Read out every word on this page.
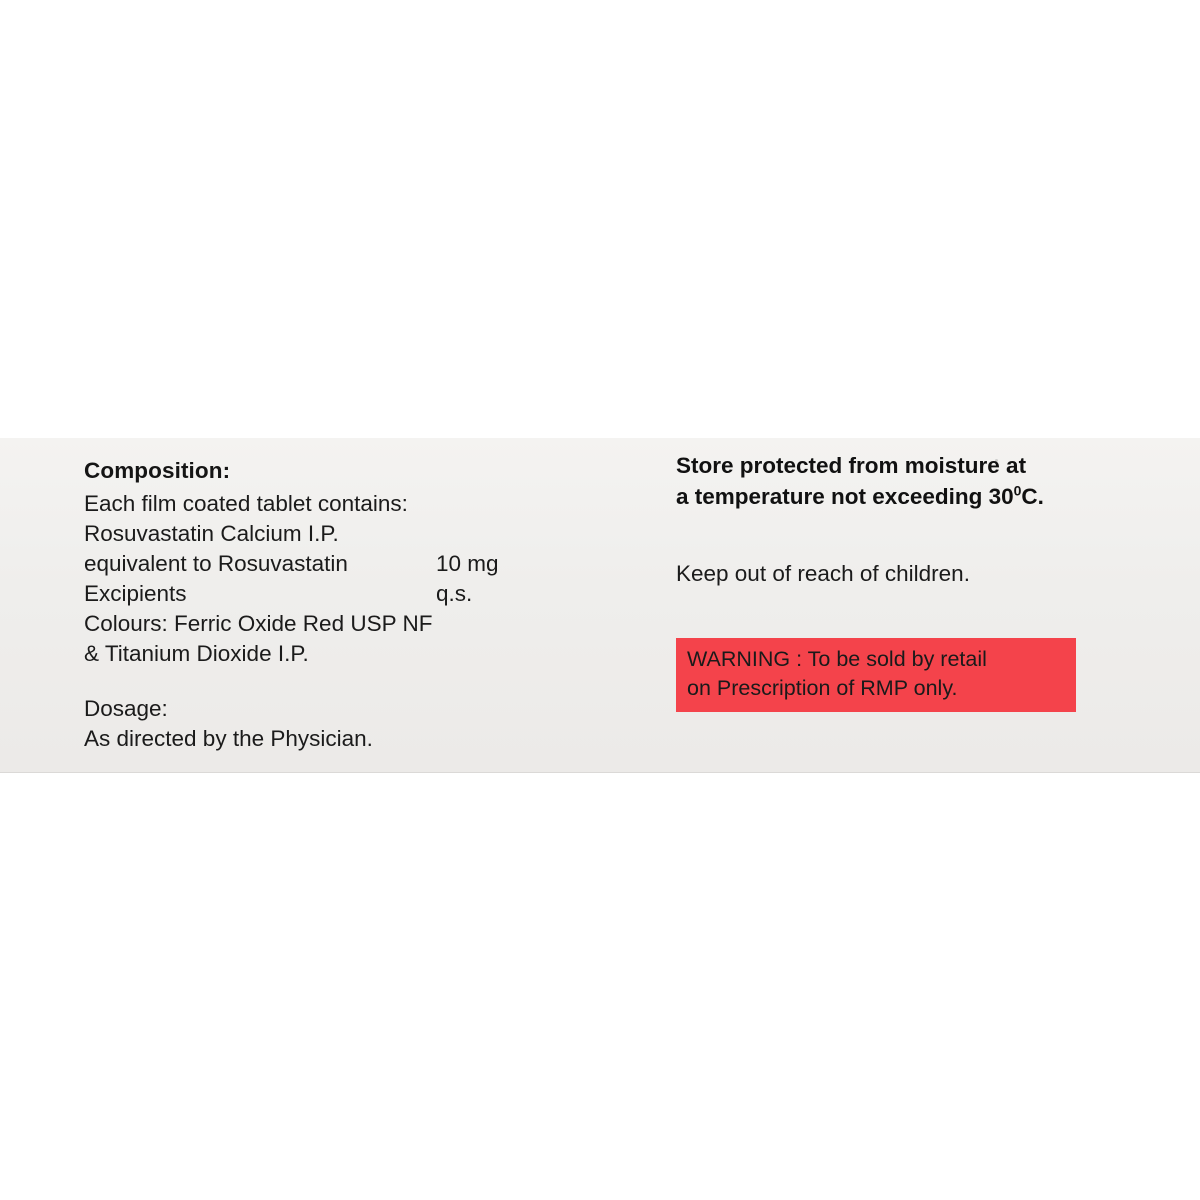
Composition:

Each film coated tablet contains:

Rosuvastatin Calcium I.P.

equivalent to Rosuvastatin	10 mg
Excipients	q.s.

Colours: Ferric Oxide Red USP NF

& Titanium Dioxide I.P.

Dosage:

As directed by the Physician.

Store protected from moisture at

a temperature not exceeding $30^0C$.

Keep out of reach of children.

WARNING : To be sold by retail

on Prescription of RMP only.
